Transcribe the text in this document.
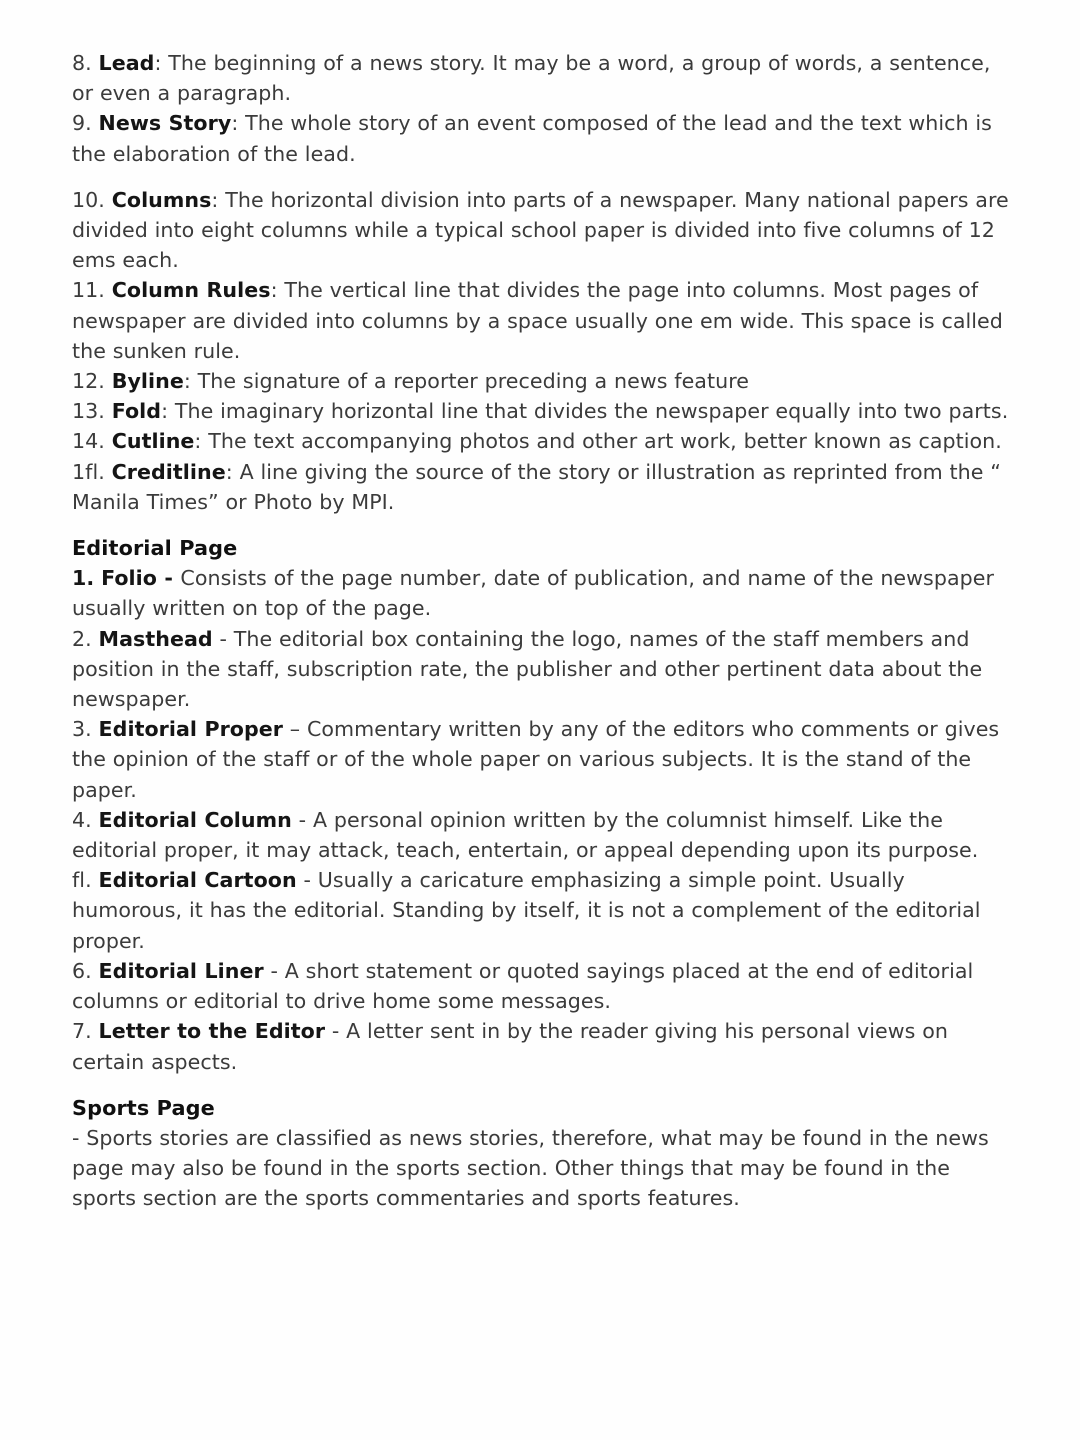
8. Lead: The beginning of a news story. It may be a word, a group of words, a sentence, or even a paragraph.

9. News Story: The whole story of an event composed of the lead and the text which is the elaboration of the lead.

10. Columns: The horizontal division into parts of a newspaper. Many national papers are divided into eight columns while a typical school paper is divided into five columns of 12 ems each.

11. Column Rules: The vertical line that divides the page into columns. Most pages of newspaper are divided into columns by a space usually one em wide. This space is called the sunken rule.

12. Byline: The signature of a reporter preceding a news feature

13. Fold: The imaginary horizontal line that divides the newspaper equally into two parts.

14. Cutline: The text accompanying photos and other art work, better known as caption.

1fl. Creditline: A line giving the source of the story or illustration as reprinted from the “ Manila Times” or Photo by MPI.

Editorial Page

1. Folio - Consists of the page number, date of publication, and name of the newspaper usually written on top of the page.

2. Masthead - The editorial box containing the logo, names of the staff members and position in the staff, subscription rate, the publisher and other pertinent data about the newspaper.

3. Editorial Proper – Commentary written by any of the editors who comments or gives the opinion of the staff or of the whole paper on various subjects. It is the stand of the paper.

4. Editorial Column - A personal opinion written by the columnist himself. Like the editorial proper, it may attack, teach, entertain, or appeal depending upon its purpose.

fl. Editorial Cartoon - Usually a caricature emphasizing a simple point. Usually humorous, it has the editorial. Standing by itself, it is not a complement of the editorial proper.

6. Editorial Liner - A short statement or quoted sayings placed at the end of editorial columns or editorial to drive home some messages.

7. Letter to the Editor - A letter sent in by the reader giving his personal views on certain aspects.

Sports Page

- Sports stories are classified as news stories, therefore, what may be found in the news page may also be found in the sports section. Other things that may be found in the sports section are the sports commentaries and sports features.
